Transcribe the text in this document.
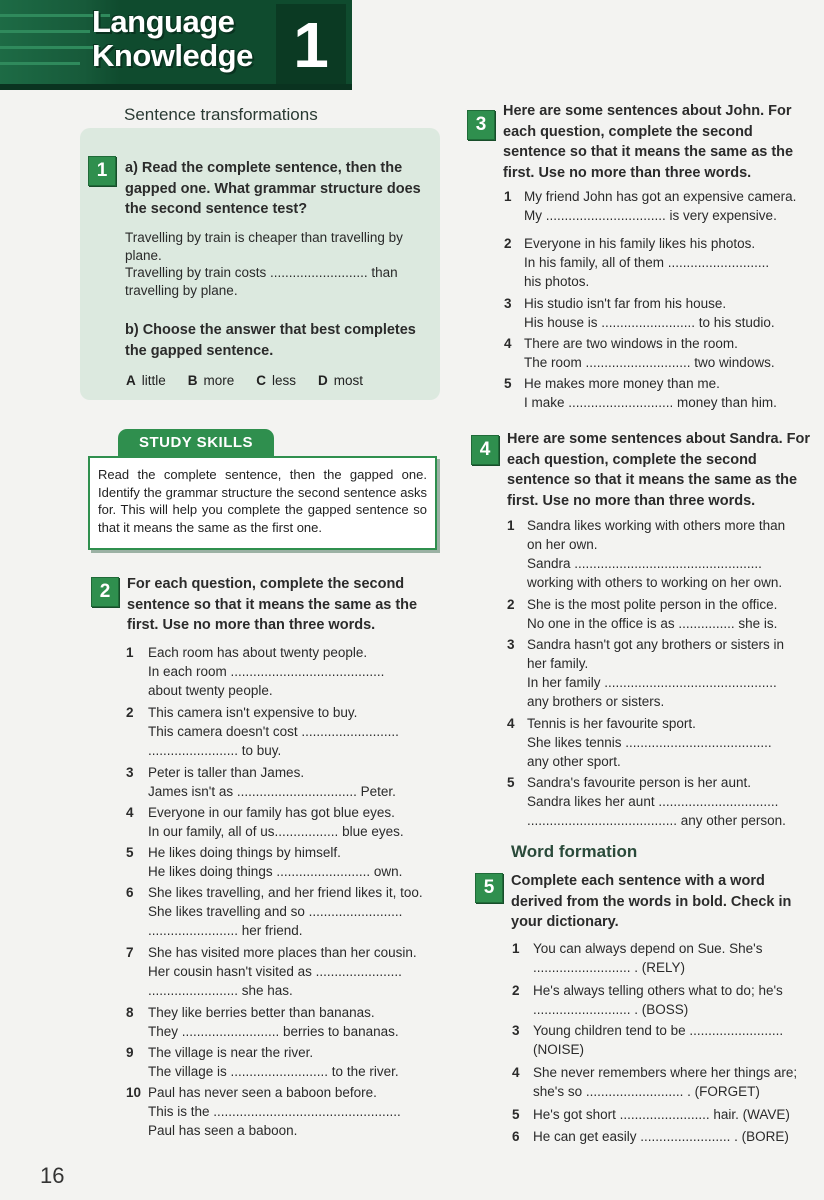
Language
Knowledge 1
Sentence transformations
1	a) Read the complete sentence, then the
gapped one. What grammar structure does
the second sentence test?
Travelling by train is cheaper than travelling by
plane.
Travelling by train costs .......................... than
travelling by plane.
b) Choose the answer that best completes
the gapped sentence.
A little B more C less D most
STUDY SKILLS

Read the complete sentence, then the gapped one. Identify the grammar structure the second sentence asks for. This will help you complete the gapped sentence so that it means the same as the first one.

2	For each question, complete the second
sentence so that it means the same as the
first. Use no more than three words.
1	Each room has about twenty people.
In each room .........................................
about twenty people.
2	This camera isn't expensive to buy.
This camera doesn't cost ..........................
........................ to buy.
3	Peter is taller than James.
James isn't as ................................ Peter.
4	Everyone in our family has got blue eyes.
In our family, all of us................. blue eyes.
5	He likes doing things by himself.
He likes doing things ......................... own.
6	She likes travelling, and her friend likes it, too.
She likes travelling and so .........................
........................ her friend.
7	She has visited more places than her cousin.
Her cousin hasn't visited as .......................
........................ she has.
8	They like berries better than bananas.
They .......................... berries to bananas.
9	The village is near the river.
The village is .......................... to the river.
10 Paul has never seen a baboon before.
This is the ..................................................
Paul has seen a baboon.
3
Here are some sentences about John. For
each question, complete the second
sentence so that it means the same as the
first. Use no more than three words.
1 My friend John has got an expensive camera.
My ................................ is very expensive.
2 Everyone in his family likes his photos.
In his family, all of them ...........................
his photos.
3 His studio isn't far from his house.
His house is ......................... to his studio.
4 There are two windows in the room.
The room ............................ two windows.
5 He makes more money than me.
I make ............................ money than him.
4	Here are some sentences about Sandra. For
each question, complete the second
sentence so that it means the same as the
first. Use no more than three words.
1 Sandra likes working with others more than
on her own.
Sandra ..................................................
working with others to working on her own.
2 She is the most polite person in the office.
No one in the office is as ............... she is.
3 Sandra hasn't got any brothers or sisters in
her family.
In her family ..............................................
any brothers or sisters.
4 Tennis is her favourite sport.
She likes tennis .......................................
any other sport.
5 Sandra's favourite person is her aunt.
Sandra likes her aunt ................................
........................................ any other person.
Word formation
5	Complete each sentence with a word
derived from the words in bold. Check in
your dictionary.
1 You can always depend on Sue. She's
.......................... . (RELY)
2 He's always telling others what to do; he's
.......................... . (BOSS)
3 Young children tend to be .........................
(NOISE)
4 She never remembers where her things are;
she's so .......................... . (FORGET)
5 He's got short ........................ hair. (WAVE)
6 He can get easily ........................ . (BORE)
16
